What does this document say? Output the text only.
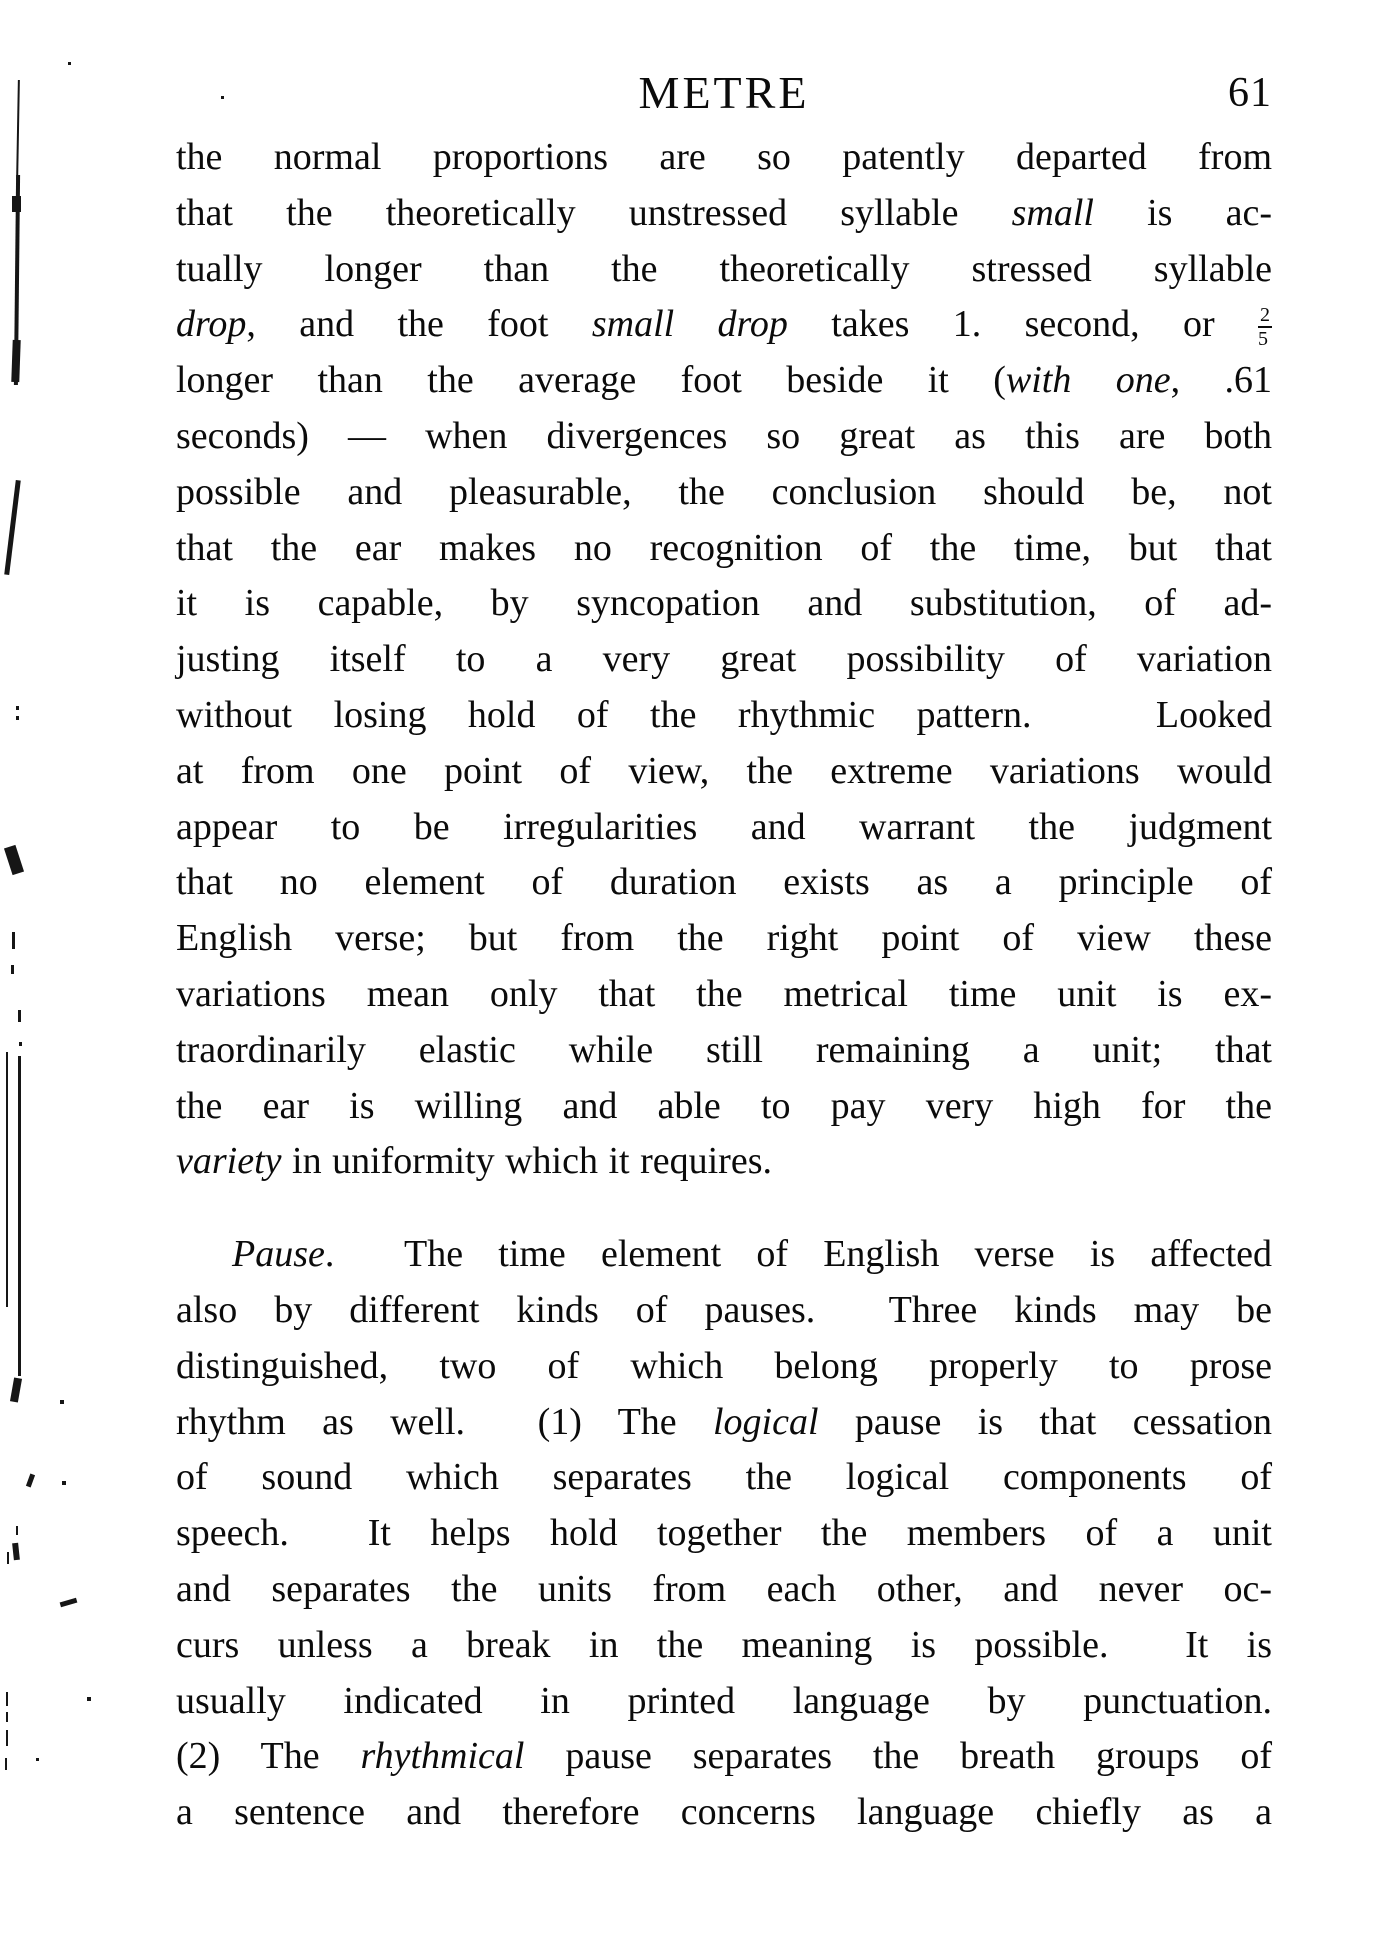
METRE	61
the normal proportions are so patently departed from
that the theoretically unstressed syllable small is ac-
tually longer than the theoretically stressed syllable
drop, and the foot small drop takes 1. second, or $\frac{2}{5}$
longer than the average foot beside it (with one, .61
seconds) — when divergences so great as this are both
possible and pleasurable, the conclusion should be, not
that the ear makes no recognition of the time, but that
it is capable, by syncopation and substitution, of ad-
justing itself to a very great possibility of variation
without losing hold of the rhythmic pattern.   Looked
at from one point of view, the extreme variations would
appear to be irregularities and warrant the judgment
that no element of duration exists as a principle of
English verse; but from the right point of view these
variations mean only that the metrical time unit is ex-
traordinarily elastic while still remaining a unit; that
the ear is willing and able to pay very high for the
variety in uniformity which it requires.
Pause.  The time element of English verse is affected
also by different kinds of pauses.  Three kinds may be
distinguished, two of which belong properly to prose
rhythm as well.  (1) The logical pause is that cessation
of sound which separates the logical components of
speech.  It helps hold together the members of a unit
and separates the units from each other, and never oc-
curs unless a break in the meaning is possible.  It is
usually indicated in printed language by punctuation.
(2) The rhythmical pause separates the breath groups of
a sentence and therefore concerns language chiefly as a
